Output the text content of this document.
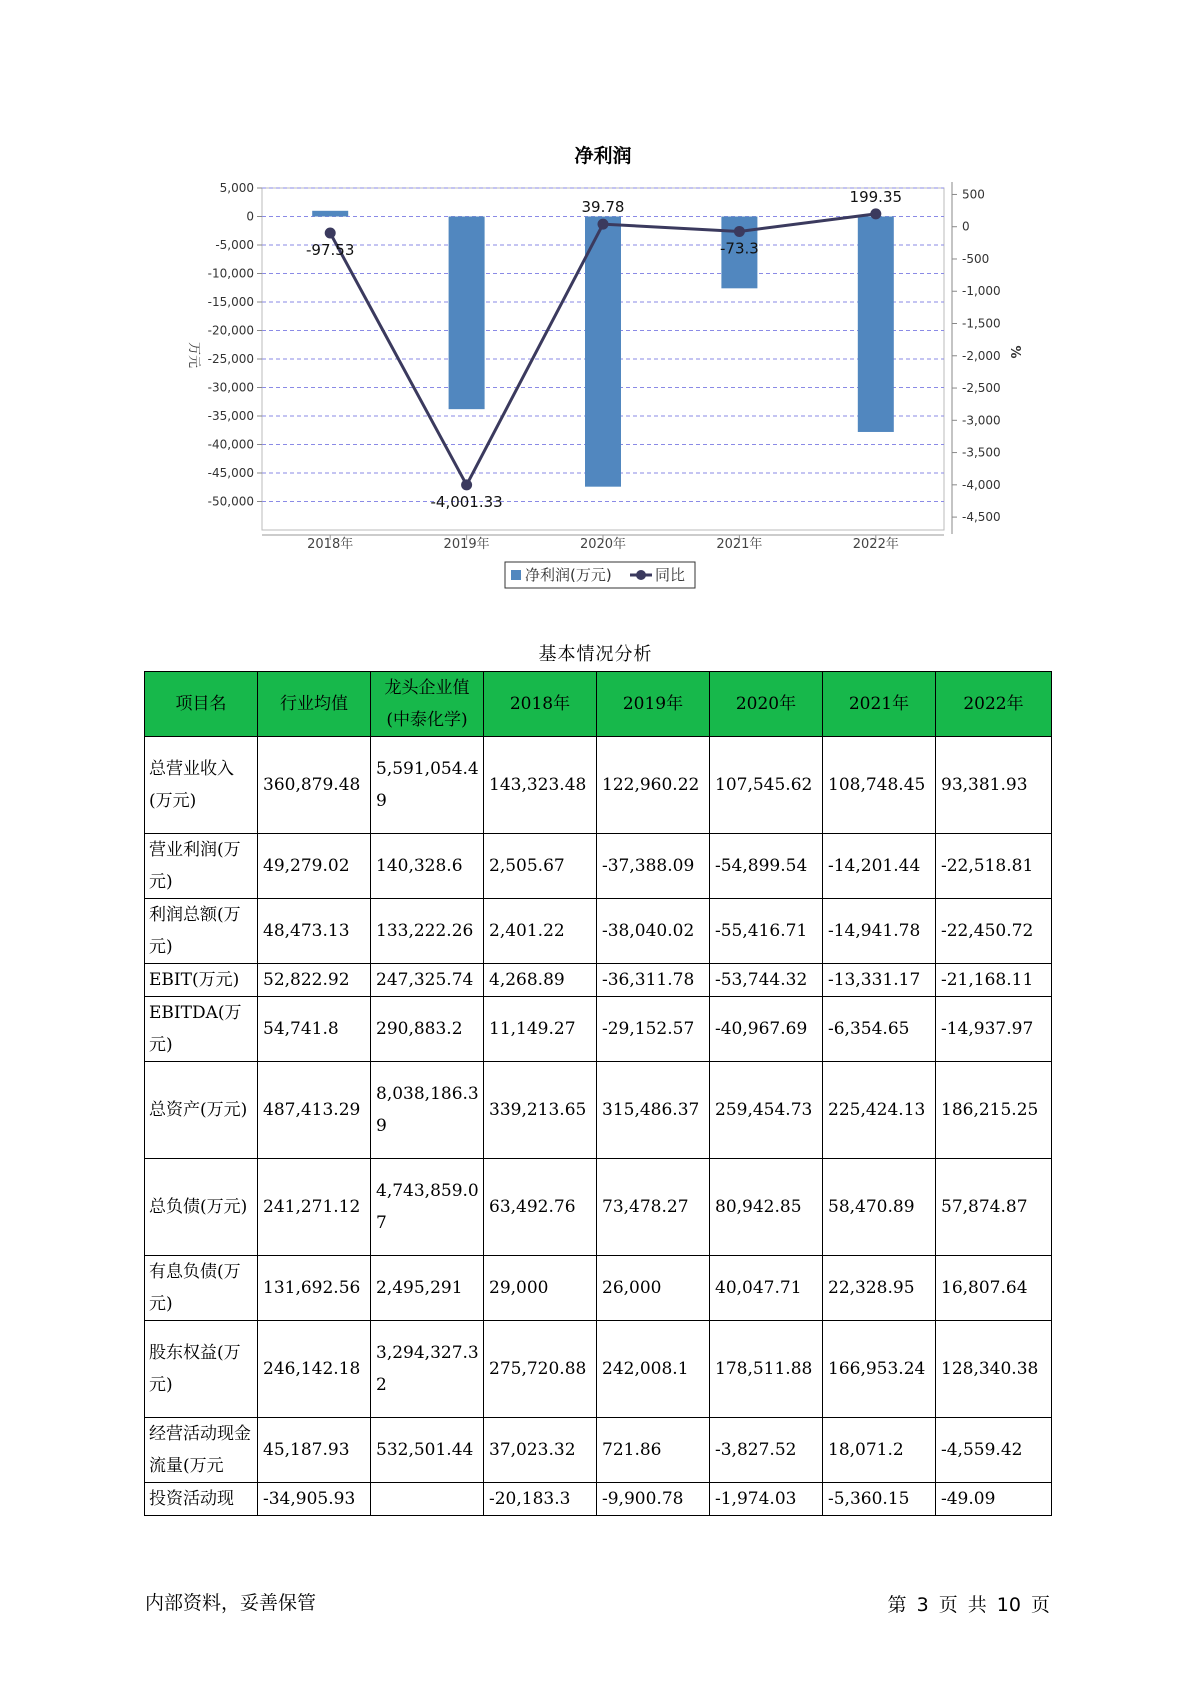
净利润
5,000
0
-5,000
-10,000
-15,000
-20,000
-25,000
-30,000
-35,000
-40,000
-45,000
-50,000
500
0
-500
-1,000
-1,500
-2,000
-2,500
-3,000
-3,500
-4,000
-4,500
万元	%
2018年	2019年	2020年	2021年	2022年
-97.53
-4,001.33
39.78
-73.3
199.35
净利润(万元)	同比
基本情况分析
项目名	行业均值	龙头企业值(中泰化学)	2018年	2019年	2020年	2021年	2022年
总营业收入(万元)	360,879.48	5,591,054.49	143,323.48	122,960.22	107,545.62	108,748.45	93,381.93
营业利润(万元)	49,279.02	140,328.6	2,505.67	-37,388.09	-54,899.54	-14,201.44	-22,518.81
利润总额(万元)	48,473.13	133,222.26	2,401.22	-38,040.02	-55,416.71	-14,941.78	-22,450.72
EBIT(万元)	52,822.92	247,325.74	4,268.89	-36,311.78	-53,744.32	-13,331.17	-21,168.11
EBITDA(万元)	54,741.8	290,883.2	11,149.27	-29,152.57	-40,967.69	-6,354.65	-14,937.97
总资产(万元)	487,413.29	8,038,186.39	339,213.65	315,486.37	259,454.73	225,424.13	186,215.25
总负债(万元)	241,271.12	4,743,859.07	63,492.76	73,478.27	80,942.85	58,470.89	57,874.87
有息负债(万元)	131,692.56	2,495,291	29,000	26,000	40,047.71	22,328.95	16,807.64
股东权益(万元)	246,142.18	3,294,327.32	275,720.88	242,008.1	178,511.88	166,953.24	128,340.38
经营活动现金流量(万元	45,187.93	532,501.44	37,023.32	721.86	-3,827.52	18,071.2	-4,559.42
投资活动现	-34,905.93		-20,183.3	-9,900.78	-1,974.03	-5,360.15	-49.09
内部资料，妥善保管	第 3 页 共 10 页
